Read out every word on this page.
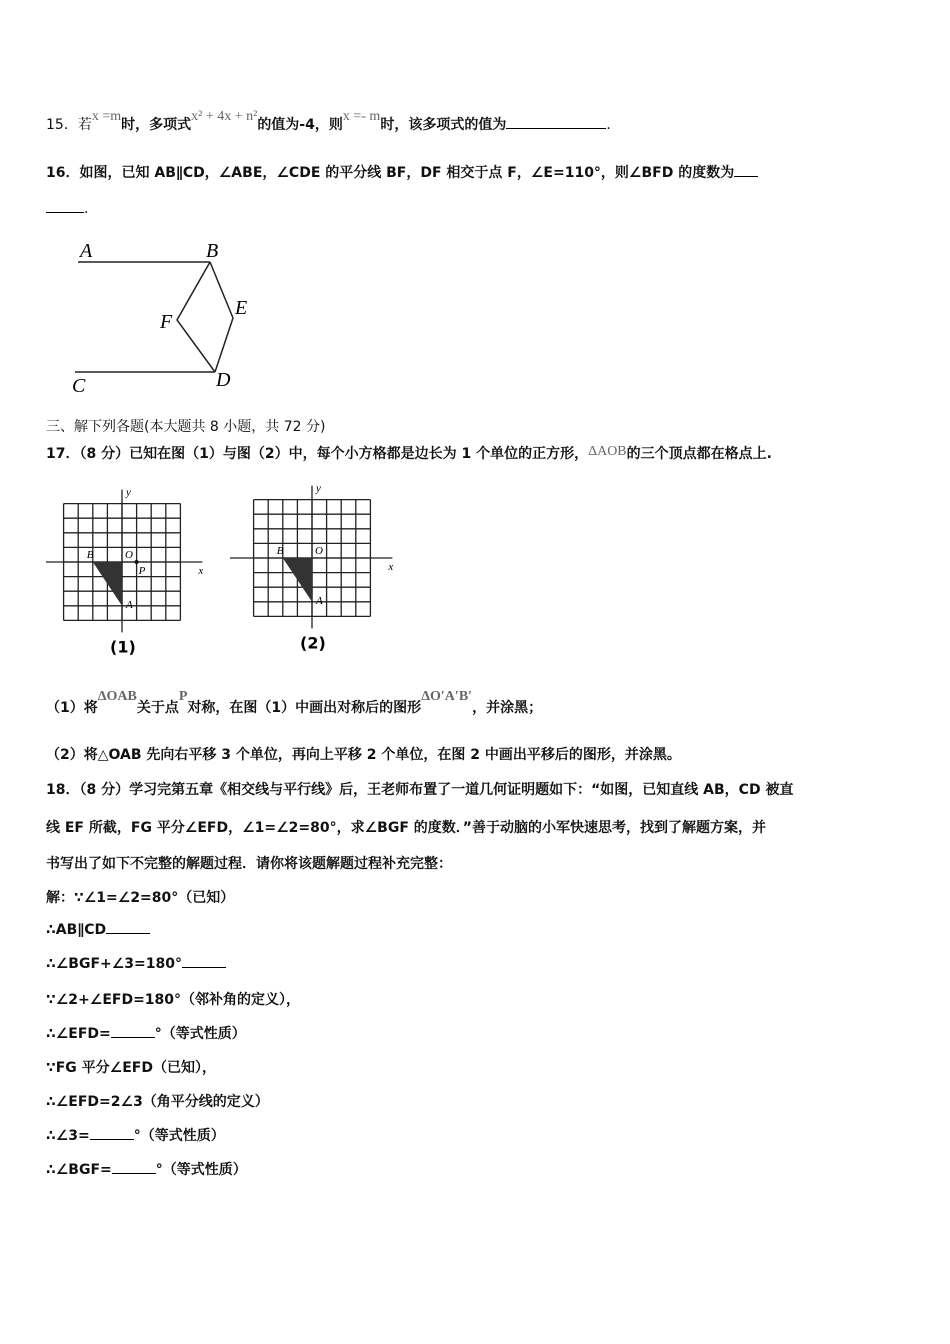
15．若x =m时，多项式x² + 4x + n²的值为-4，则x =- m时，该多项式的值为	．
16．如图，已知 AB∥CD，∠ABE，∠CDE 的平分线 BF，DF 相交于点 F，∠E=110°，则∠BFD 的度数为
．
A	B
F
E
C	D
三、解下列各题(本大题共 8 小题，共 72 分)
17．（8 分）已知在图（1）与图（2）中，每个小方格都是边长为 1 个单位的正方形，ΔAOB的三个顶点都在格点上.
B	O
A
x
y
P
(1)
B	O
A
x
y
(2)
（1）将ΔOAB关于点P对称，在图（1）中画出对称后的图形ΔO′A′B′，并涂黑；
（2）将△OAB 先向右平移 3 个单位，再向上平移 2 个单位，在图 2 中画出平移后的图形，并涂黑。
18．（8 分）学习完第五章《相交线与平行线》后，王老师布置了一道几何证明题如下：“如图，已知直线 AB，CD 被直
线 EF 所截，FG 平分∠EFD，∠1=∠2=80°，求∠BGF 的度数．”善于动脑的小军快速思考，找到了解题方案，并
书写出了如下不完整的解题过程．请你将该题解题过程补充完整：
解：∵∠1=∠2=80°（已知）
∴AB∥CD
∴∠BGF+∠3=180°
∵∠2+∠EFD=180°（邻补角的定义），
∴∠EFD=	°（等式性质）
∵FG 平分∠EFD（已知），
∴∠EFD=2∠3（角平分线的定义）
∴∠3=	°（等式性质）
∴∠BGF=	°（等式性质）
